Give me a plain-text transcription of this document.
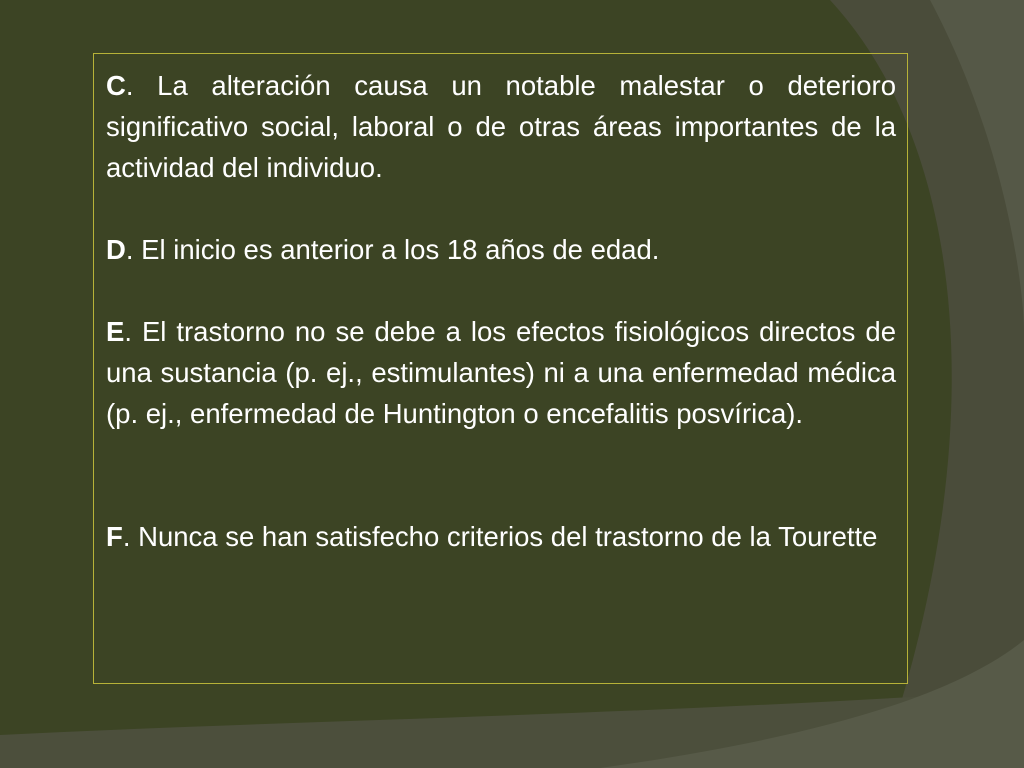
C. La alteración causa un notable malestar o deterioro significativo social, laboral o de otras áreas importantes de la actividad del individuo.

D. El inicio es anterior a los 18 años de edad.

E. El trastorno no se debe a los efectos fisiológicos directos de una sustancia (p. ej., estimulantes) ni a una enfermedad médica (p. ej., enfermedad de Huntington o encefalitis posvírica).

F. Nunca se han satisfecho criterios del trastorno de la Tourette
